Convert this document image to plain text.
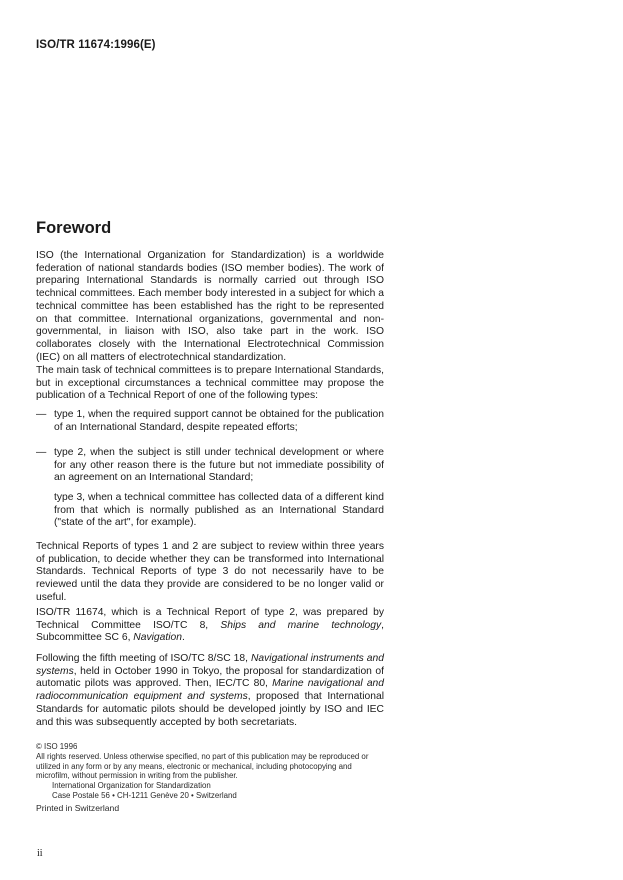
ISO/TR 11674:1996(E)
Foreword

ISO (the International Organization for Standardization) is a worldwide federation of national standards bodies (ISO member bodies). The work of preparing International Standards is normally carried out through ISO technical committees. Each member body interested in a subject for which a technical committee has been established has the right to be represented on that committee. International organizations, governmental and non-governmental, in liaison with ISO, also take part in the work. ISO collaborates closely with the International Electrotechnical Commission (IEC) on all matters of electrotechnical standardization.

The main task of technical committees is to prepare International Standards, but in exceptional circumstances a technical committee may propose the publication of a Technical Report of one of the following types:

— type 1, when the required support cannot be obtained for the publication of an International Standard, despite repeated efforts;
— type 2, when the subject is still under technical development or where for any other reason there is the future but not immediate possibility of an agreement on an International Standard;
type 3, when a technical committee has collected data of a different kind from that which is normally published as an International Standard ("state of the art", for example).

Technical Reports of types 1 and 2 are subject to review within three years of publication, to decide whether they can be transformed into International Standards. Technical Reports of type 3 do not necessarily have to be reviewed until the data they provide are considered to be no longer valid or useful.

ISO/TR 11674, which is a Technical Report of type 2, was prepared by Technical Committee ISO/TC 8, Ships and marine technology, Subcommittee SC 6, Navigation.

Following the fifth meeting of ISO/TC 8/SC 18, Navigational instruments and systems, held in October 1990 in Tokyo, the proposal for standardization of automatic pilots was approved. Then, IEC/TC 80, Marine navigational and radiocommunication equipment and systems, proposed that International Standards for automatic pilots should be developed jointly by ISO and IEC and this was subsequently accepted by both secretariats.

© ISO 1996
All rights reserved. Unless otherwise specified, no part of this publication may be reproduced or utilized in any form or by any means, electronic or mechanical, including photocopying and microfilm, without permission in writing from the publisher.
International Organization for Standardization
Case Postale 56 • CH-1211 Genève 20 • Switzerland
Printed in Switzerland
ii
